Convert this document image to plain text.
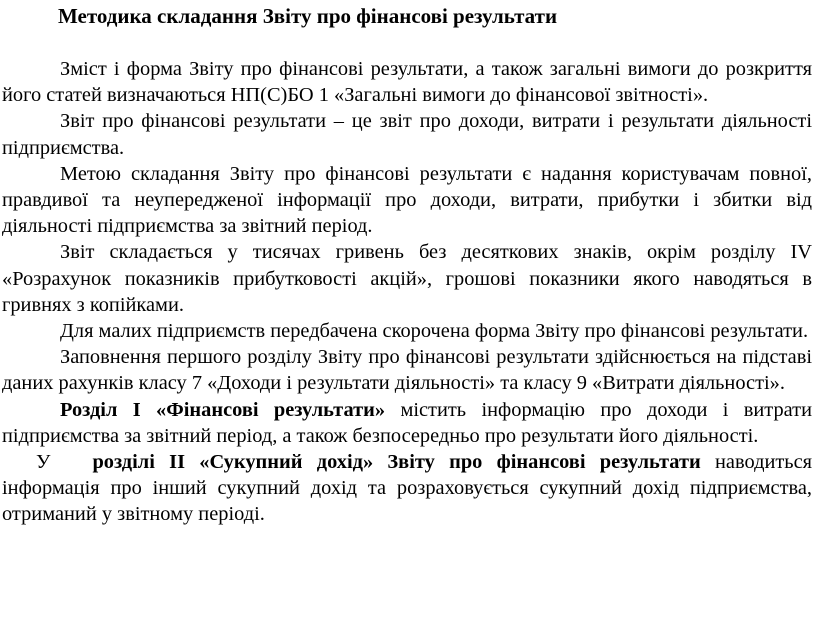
Методика складання Звіту про фінансові результати

Зміст і форма Звіту про фінансові результати, а також загальні вимоги до розкриття його статей визначаються НП(С)БО 1 «Загальні вимоги до фінансової звітності».

Звіт про фінансові результати – це звіт про доходи, витрати і результати діяльності підприємства.

Метою складання Звіту про фінансові результати є надання користувачам повної, правдивої та неупередженої інформації про доходи, витрати, прибутки і збитки від діяльності підприємства за звітний період.

Звіт складається у тисячах гривень без десяткових знаків, окрім розділу IV «Розрахунок показників прибутковості акцій», грошові показники якого наводяться в гривнях з копійками.

Для малих підприємств передбачена скорочена форма Звіту про фінансові результати.

Заповнення першого розділу Звіту про фінансові результати здійснюється на підставі даних рахунків класу 7 «Доходи і результати діяльності» та класу 9 «Витрати діяльності».

Розділ І «Фінансові результати» містить інформацію про доходи і витрати підприємства за звітний період, а також безпосередньо про результати його діяльності.

У розділі ІІ «Сукупний дохід» Звіту про фінансові результати наводиться інформація про інший сукупний дохід та розраховується сукупний дохід підприємства, отриманий у звітному періоді.
